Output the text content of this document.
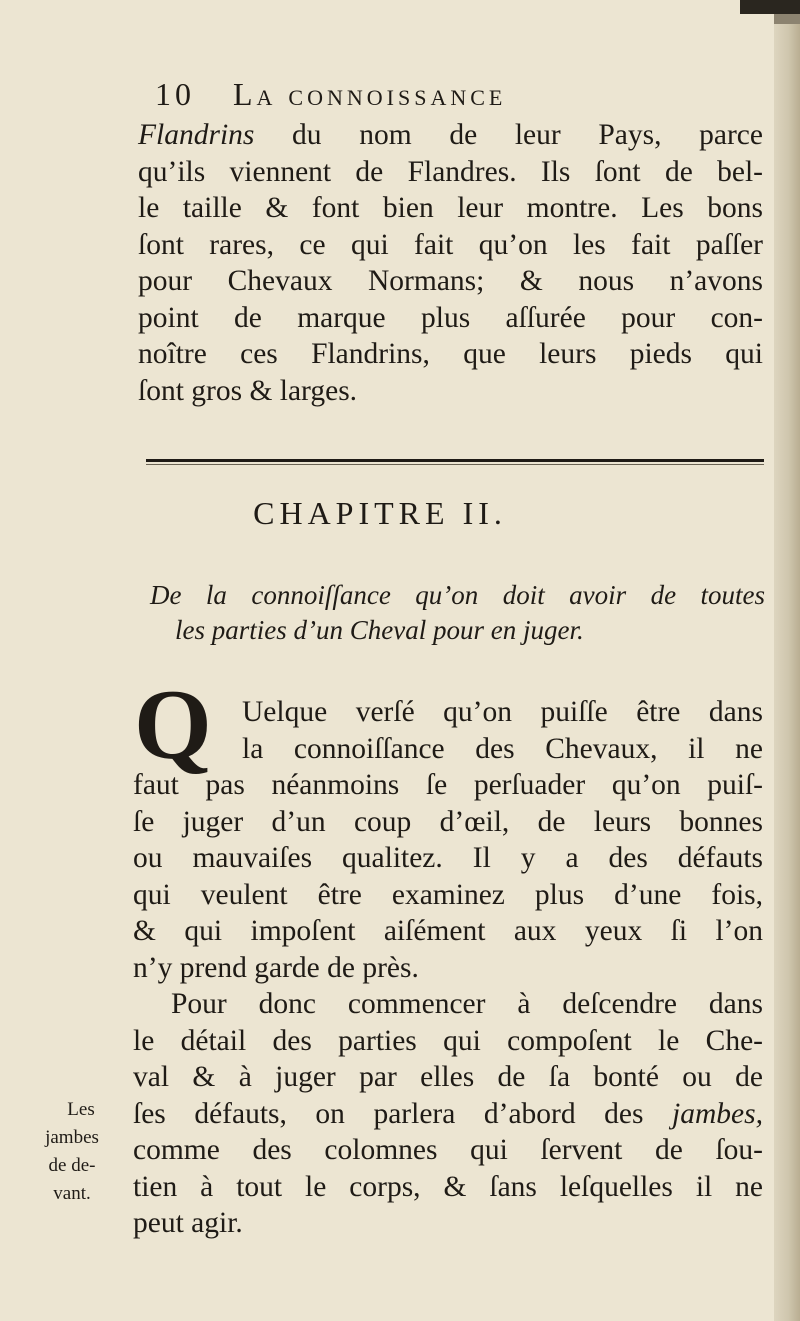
10 La connoissance
Flandrins du nom de leur Pays, parce
qu’ils viennent de Flandres. Ils ſont de bel-
le taille & font bien leur montre. Les bons
ſont rares, ce qui fait qu’on les fait paſſer
pour Chevaux Normans; & nous n’avons
point de marque plus aſſurée pour con-
noître ces Flandrins, que leurs pieds qui
ſont gros & larges.
CHAPITRE II.
De la connoiſſance qu’on doit avoir de toutes
les parties d’un Cheval pour en juger.
Q	Uelque verſé qu’on puiſſe être dans
la connoiſſance des Chevaux, il ne
faut pas néanmoins ſe perſuader qu’on puiſ-
ſe juger d’un coup d’œil, de leurs bonnes
ou mauvaiſes qualitez. Il y a des défauts
qui veulent être examinez plus d’une fois,
& qui impoſent aiſément aux yeux ſi l’on
n’y prend garde de près.
Pour donc commencer à deſcendre dans
le détail des parties qui compoſent le Che-
val & à juger par elles de ſa bonté ou de
ſes défauts, on parlera d’abord des jambes,
comme des colomnes qui ſervent de ſou-
tien à tout le corps, & ſans leſquelles il ne
peut agir.
Les
jambes
de de-
vant.
